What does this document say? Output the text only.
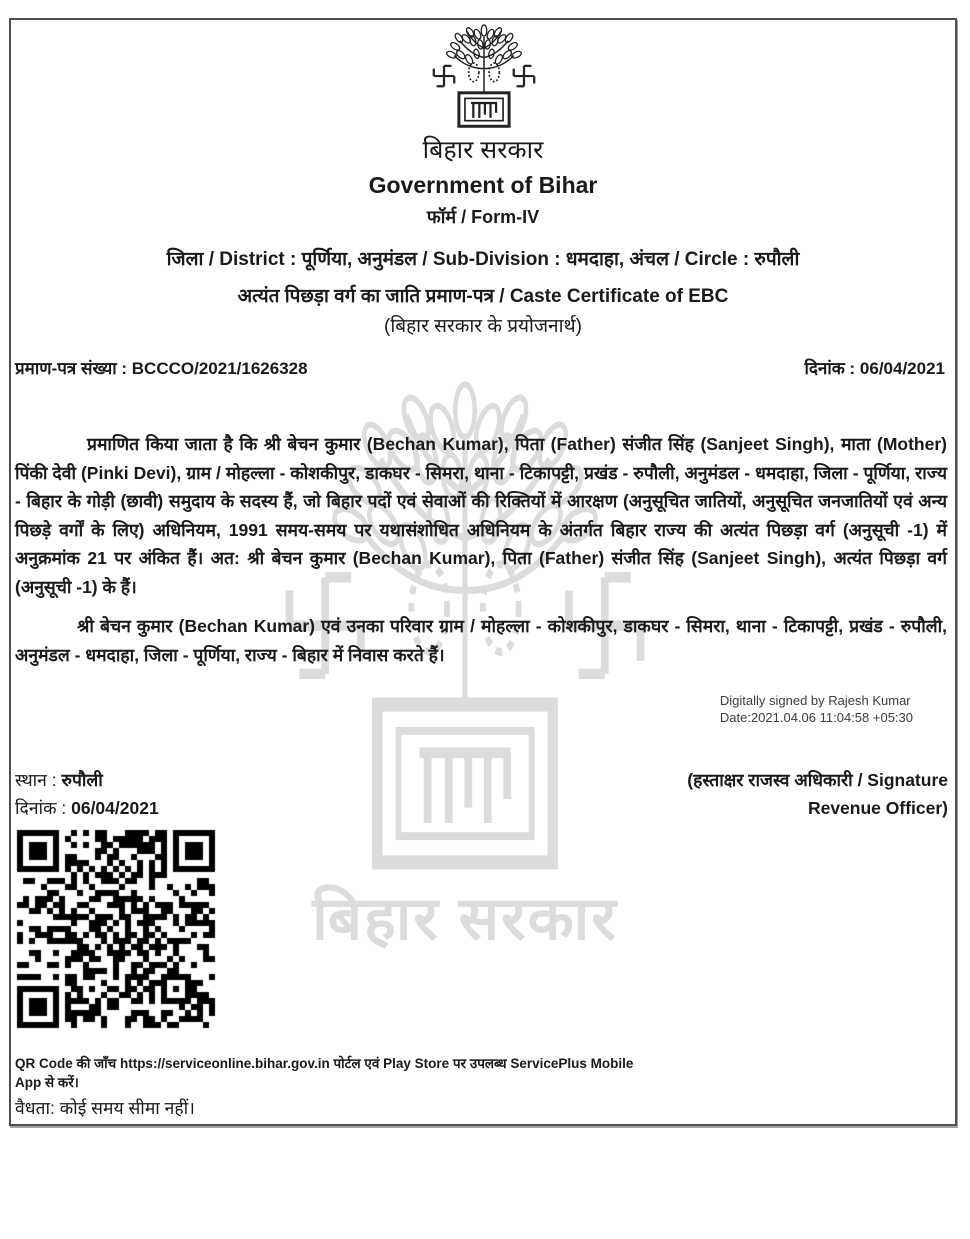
बिहार सरकार
बिहार सरकार
Government of Bihar
फॉर्म / Form-IV
जिला / District : पूर्णिया, अनुमंडल / Sub-Division : धमदाहा, अंचल / Circle : रुपौली
अत्यंत पिछड़ा वर्ग का जाति प्रमाण-पत्र / Caste Certificate of EBC
(बिहार सरकार के प्रयोजनार्थ)
प्रमाण-पत्र संख्या : BCCCO/2021/1626328	दिनांक : 06/04/2021
प्रमाणित किया जाता है कि श्री बेचन कुमार (Bechan Kumar), पिता (Father) संजीत सिंह (Sanjeet Singh), माता (Mother) पिंकी देवी (Pinki Devi), ग्राम / मोहल्ला - कोशकीपुर, डाकघर - सिमरा, थाना - टिकापट्टी, प्रखंड - रुपौली, अनुमंडल - धमदाहा, जिला - पूर्णिया, राज्य - बिहार के गोड़ी (छावी) समुदाय के सदस्य हैं, जो बिहार पदों एवं सेवाओं की रिक्तियों में आरक्षण (अनुसूचित जातियों, अनुसूचित जनजातियों एवं अन्य पिछड़े वर्गों के लिए) अधिनियम, 1991 समय-समय पर यथासंशोधित अधिनियम के अंतर्गत बिहार राज्य की अत्यंत पिछड़ा वर्ग (अनुसूची -1) में अनुक्रमांक 21 पर अंकित हैं। अत: श्री बेचन कुमार (Bechan Kumar), पिता (Father) संजीत सिंह (Sanjeet Singh), अत्यंत पिछड़ा वर्ग (अनुसूची -1) के हैं।
श्री बेचन कुमार (Bechan Kumar) एवं उनका परिवार ग्राम / मोहल्ला - कोशकीपुर, डाकघर - सिमरा, थाना - टिकापट्टी, प्रखंड - रुपौली, अनुमंडल - धमदाहा, जिला - पूर्णिया, राज्य - बिहार में निवास करते हैं।
Digitally signed by Rajesh Kumar
Date:2021.04.06 11:04:58 +05:30
स्थान : रुपौली
दिनांक : 06/04/2021
(हस्ताक्षर राजस्व अधिकारी / Signature
Revenue Officer)
QR Code की जाँच https://serviceonline.bihar.gov.in पोर्टल एवं Play Store पर उपलब्ध ServicePlus Mobile App से करें।
वैधता: कोई समय सीमा नहीं।
